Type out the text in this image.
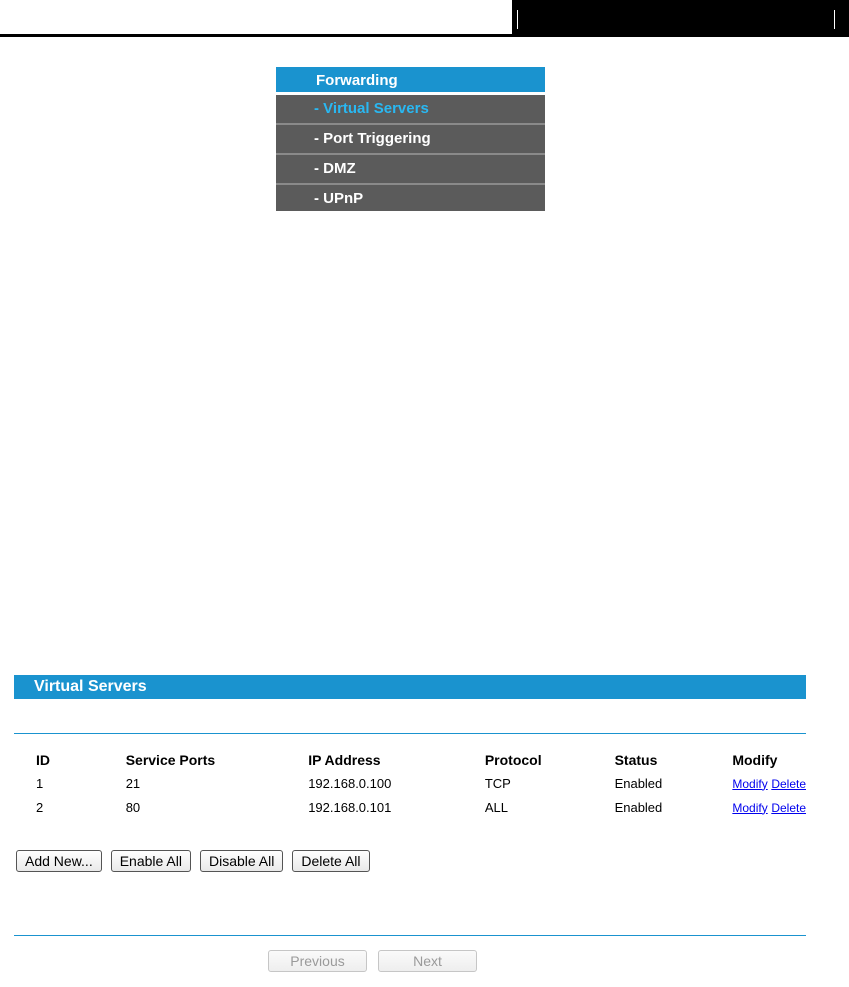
Forwarding
- Virtual Servers
- Port Triggering
- DMZ
- UPnP
Virtual Servers
ID	Service Ports	IP Address	Protocol	Status	Modify
1	21	192.168.0.100	TCP	Enabled	Modify Delete
2	80	192.168.0.101	ALL	Enabled	Modify Delete
Add New...	Enable All	Disable All	Delete All
Previous	Next
